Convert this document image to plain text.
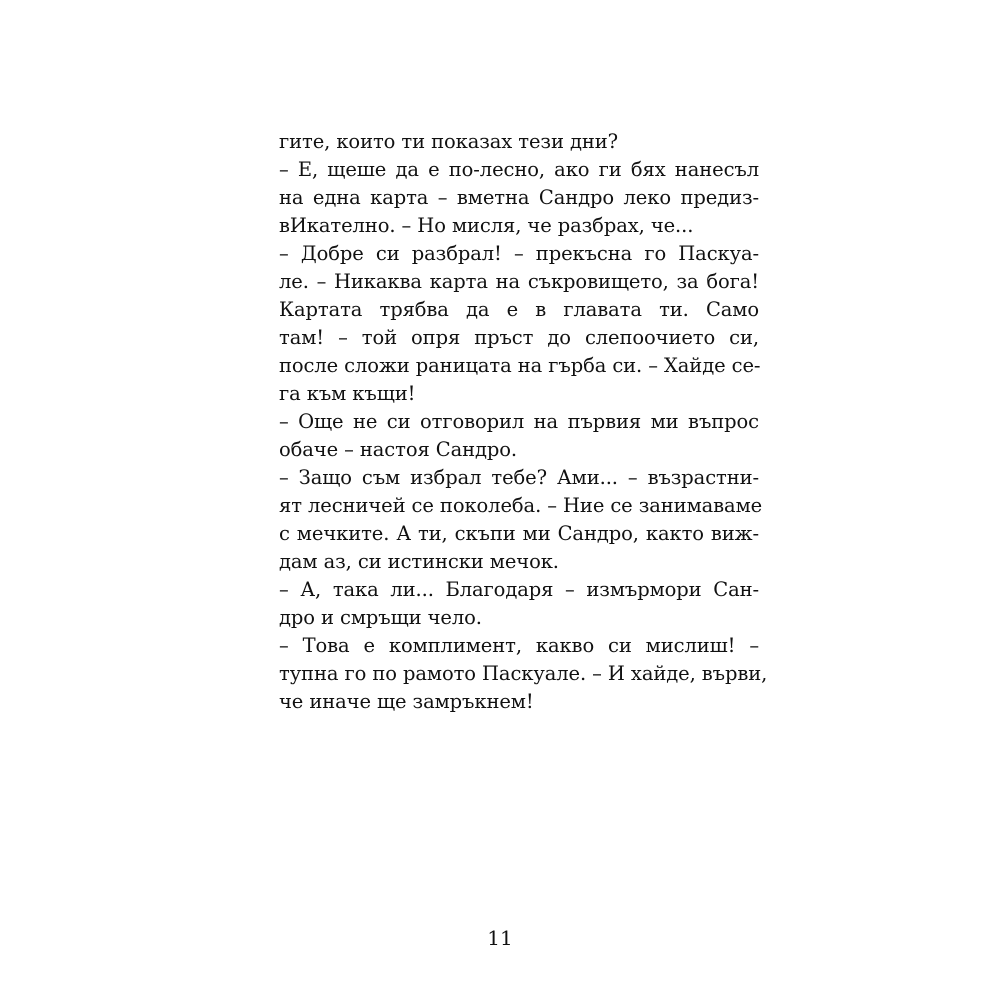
гите, които ти показах тези дни?
– Е, щеше да е по-лесно, ако ги бях нанесъл
на една карта – вметна Сандро леко предиз-
вИкателно. – Но мисля, че разбрах, че...
– Добре си разбрал! – прекъсна го Паскуа-
ле. – Никаква карта на съкровището, за бога!
Картата трябва да е в главата ти. Само
там! – той опря пръст до слепоочието си,
после сложи раницата на гърба си. – Хайде се-
га към къщи!
– Още не си отговорил на първия ми въпрос
обаче – настоя Сандро.
– Защо съм избрал тебе? Ами... – възрастни-
ят лесничей се поколеба. – Ние се занимаваме
с мечките. А ти, скъпи ми Сандро, както виж-
дам аз, си истински мечок.
– А, така ли... Благодаря – измърмори Сан-
дро и смръщи чело.
– Това е комплимент, какво си мислиш! –
тупна го по рамото Паскуале. – И хайде, върви,
че иначе ще замръкнем!
11
